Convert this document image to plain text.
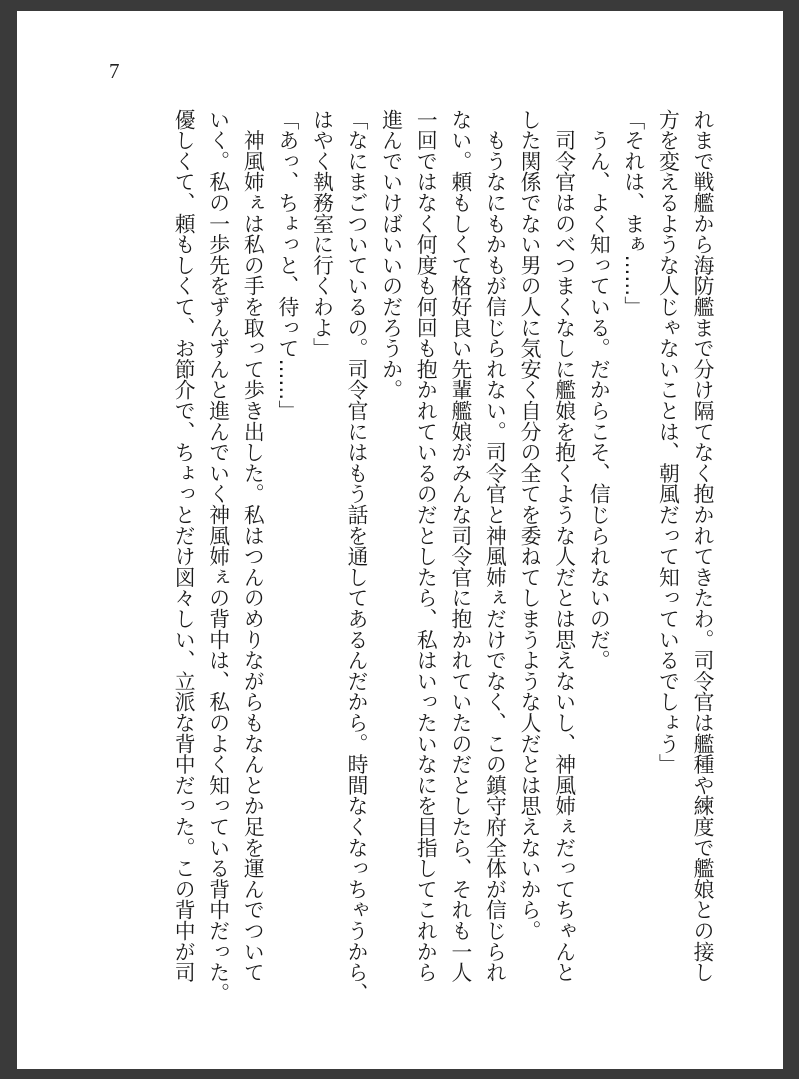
7

れまで戦艦から海防艦まで分け隔てなく抱かれてきたわ。司令官は艦種や練度で艦娘との接し

方を変えるような人じゃないことは、朝風だって知っているでしょう」

「それは、まぁ……」

　うん、よく知っている。だからこそ、信じられないのだ。

　司令官はのべつまくなしに艦娘を抱くような人だとは思えないし、神風姉ぇだってちゃんと

した関係でない男の人に気安く自分の全てを委ねてしまうような人だとは思えないから。

　もうなにもかもが信じられない。司令官と神風姉ぇだけでなく、この鎮守府全体が信じられ

ない。頼もしくて格好良い先輩艦娘がみんな司令官に抱かれていたのだとしたら、それも一人

一回ではなく何度も何回も抱かれているのだとしたら、私はいったいなにを目指してこれから

進んでいけばいいのだろうか。

「なにまごついているの。司令官にはもう話を通してあるんだから。時間なくなっちゃうから、

はやく執務室に行くわよ」

「あっ、ちょっと、待って……」

　神風姉ぇは私の手を取って歩き出した。私はつんのめりながらもなんとか足を運んでついて

いく。私の一歩先をずんずんと進んでいく神風姉ぇの背中は、私のよく知っている背中だった。

優しくて、頼もしくて、お節介で、ちょっとだけ図々しい、立派な背中だった。この背中が司
